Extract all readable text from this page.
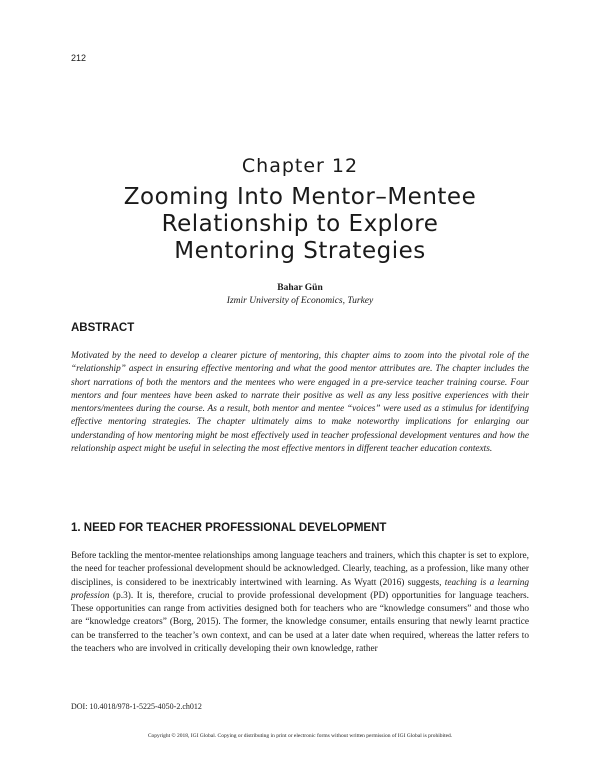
212
Chapter 12
Zooming Into Mentor–Mentee
Relationship to Explore
Mentoring Strategies
Bahar Gün
Izmir University of Economics, Turkey
ABSTRACT

Motivated by the need to develop a clearer picture of mentoring, this chapter aims to zoom into the pivotal role of the “relationship” aspect in ensuring effective mentoring and what the good mentor attributes are. The chapter includes the short narrations of both the mentors and the mentees who were engaged in a pre-service teacher training course. Four mentors and four mentees have been asked to narrate their positive as well as any less positive experiences with their mentors/mentees during the course. As a result, both mentor and mentee “voices” were used as a stimulus for identifying effective mentoring strategies. The chapter ultimately aims to make noteworthy implications for enlarging our understanding of how mentoring might be most effectively used in teacher professional development ventures and how the relationship aspect might be useful in selecting the most effective mentors in different teacher education contexts.

1. NEED FOR TEACHER PROFESSIONAL DEVELOPMENT

Before tackling the mentor-mentee relationships among language teachers and trainers, which this chapter is set to explore, the need for teacher professional development should be acknowledged. Clearly, teaching, as a profession, like many other disciplines, is considered to be inextricably intertwined with learning. As Wyatt (2016) suggests, teaching is a learning profession (p.3). It is, therefore, crucial to provide professional development (PD) opportunities for language teachers. These opportunities can range from activities designed both for teachers who are “knowledge consumers” and those who are “knowledge creators” (Borg, 2015). The former, the knowledge consumer, entails ensuring that newly learnt practice can be transferred to the teacher’s own context, and can be used at a later date when required, whereas the latter refers to the teachers who are involved in critically developing their own knowledge, rather

DOI: 10.4018/978-1-5225-4050-2.ch012
Copyright © 2018, IGI Global. Copying or distributing in print or electronic forms without written permission of IGI Global is prohibited.
